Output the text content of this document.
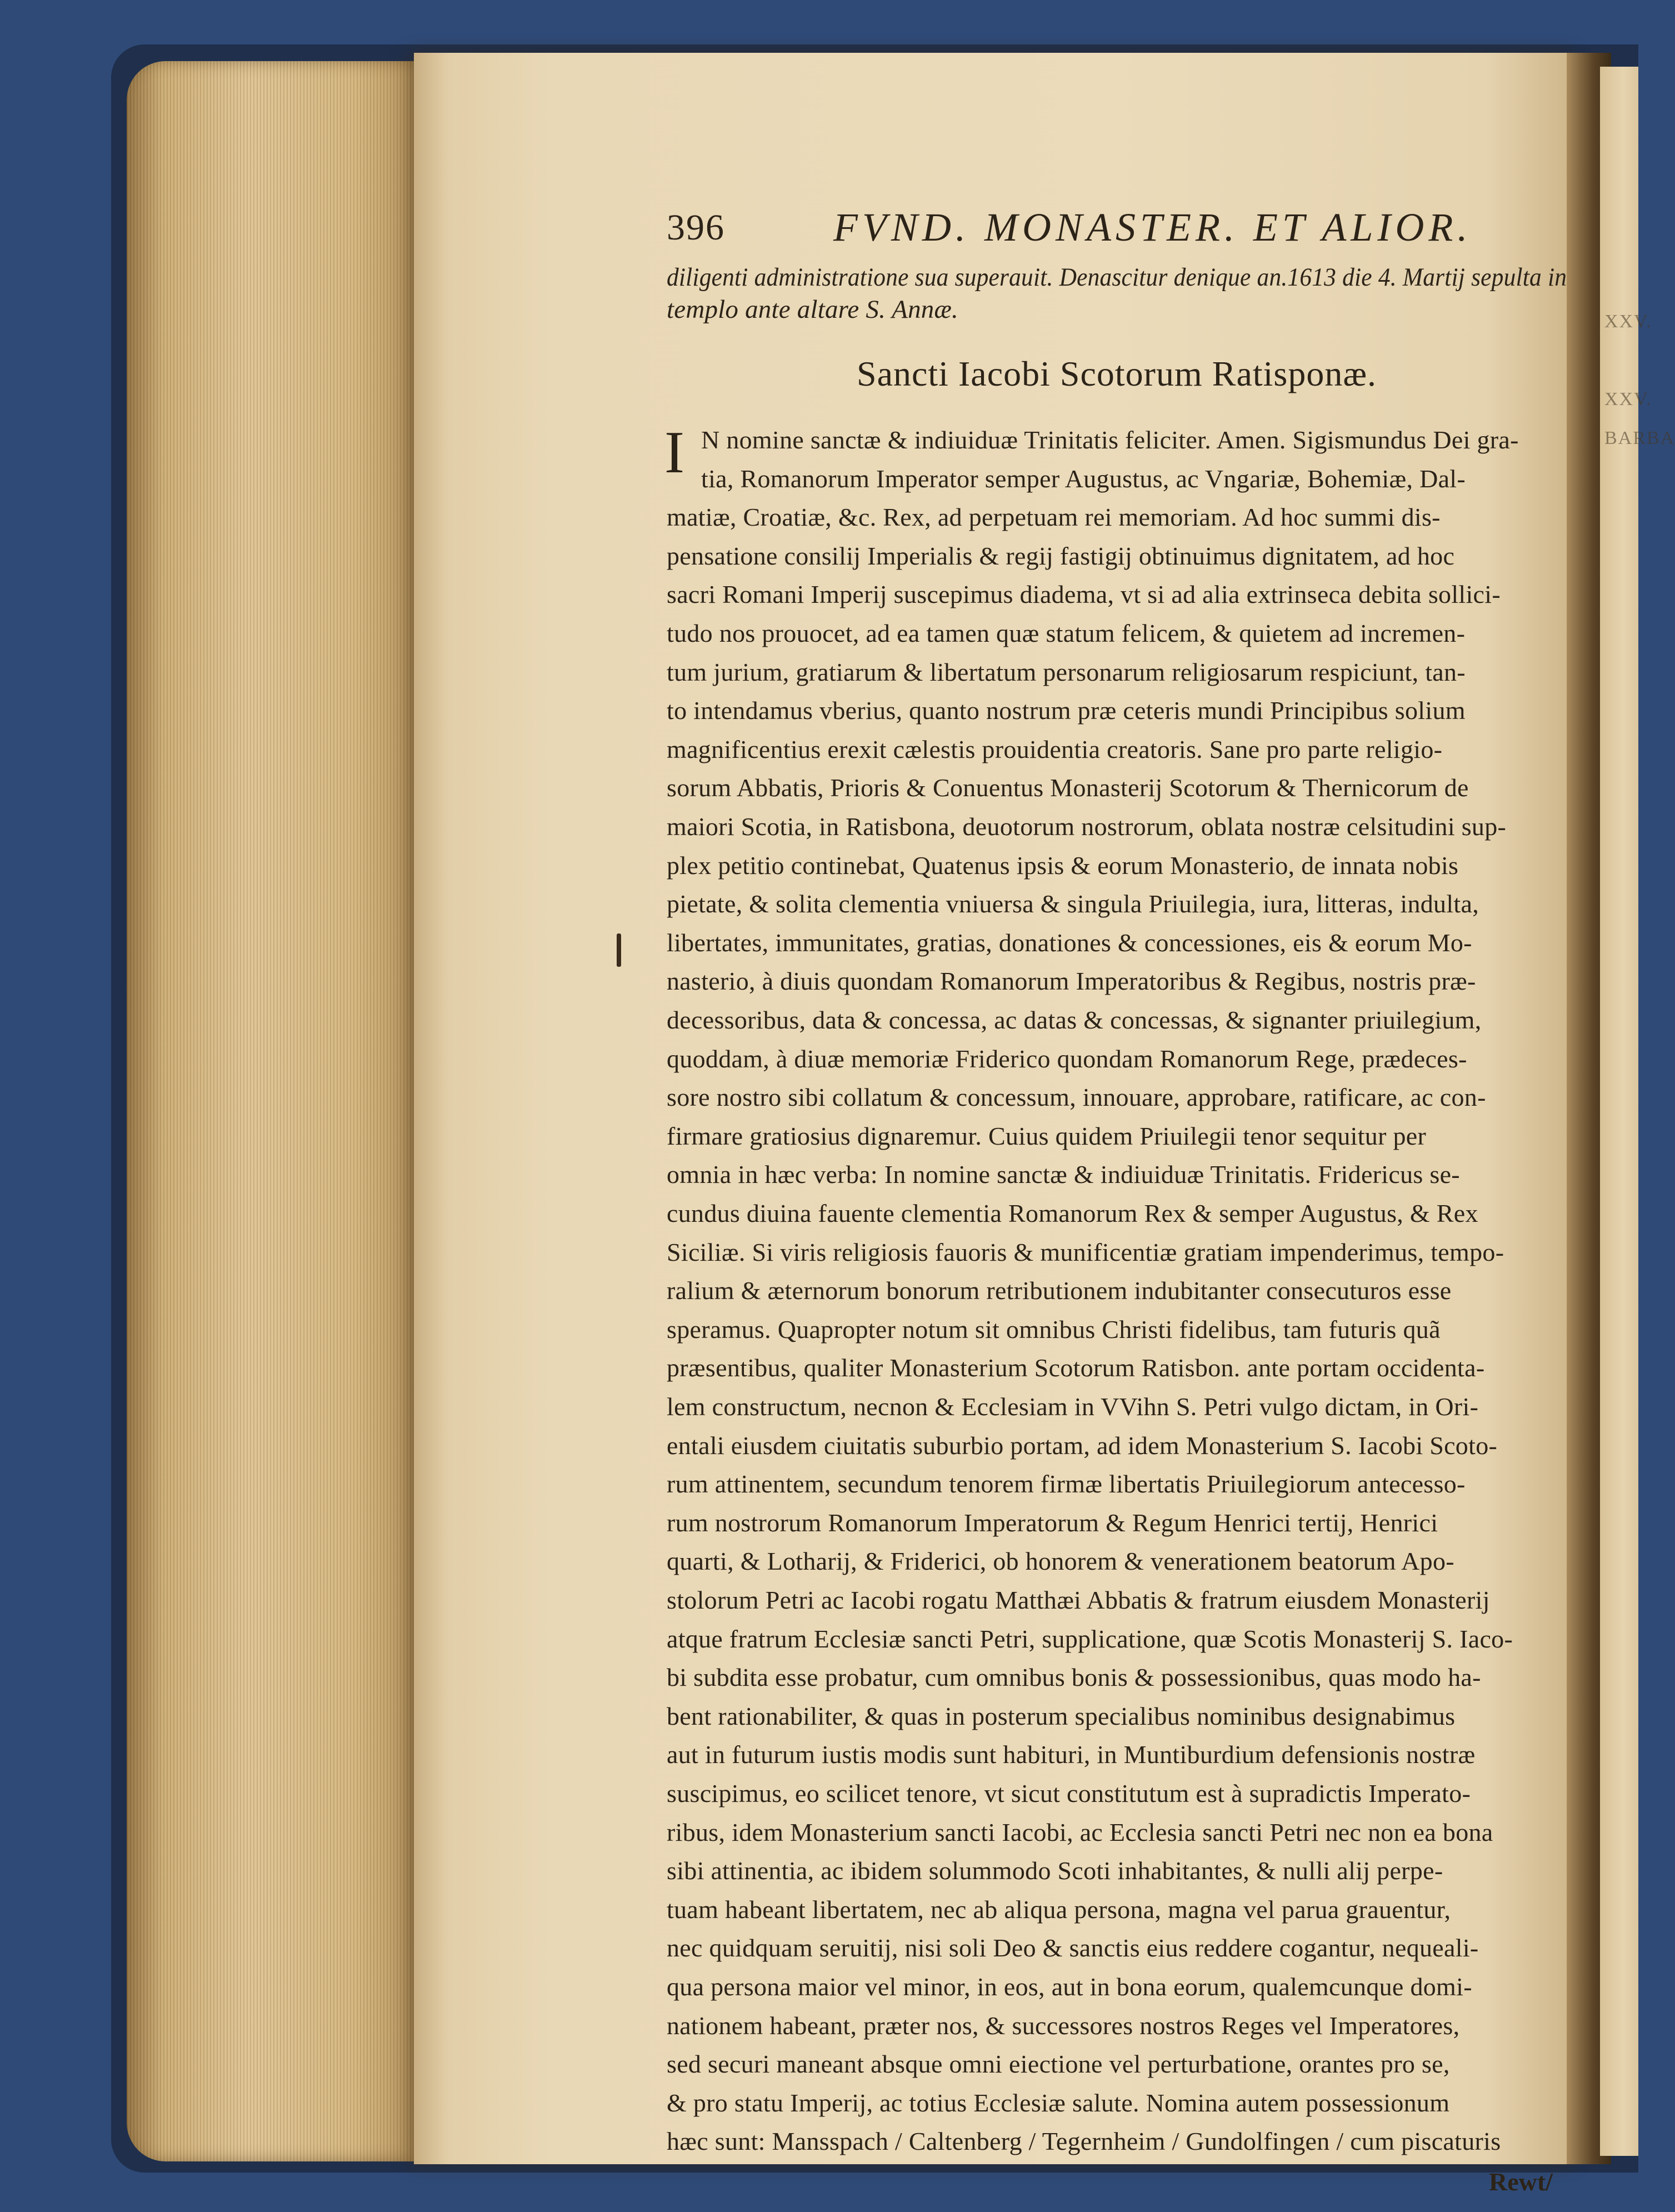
XXV.
XXV.
BARBA
396	FVND. MONASTER. ET ALIOR.
diligenti administratione sua superauit. Denascitur denique an.1613 die 4. Martij sepulta in
templo ante altare S. Annæ.
Sancti Iacobi Scotorum Ratisponæ.
I N nomine sanctæ & indiuiduæ Trinitatis feliciter. Amen. Sigismundus Dei gra-
tia, Romanorum Imperator semper Augustus, ac Vngariæ, Bohemiæ, Dal-
matiæ, Croatiæ, &c. Rex, ad perpetuam rei memoriam. Ad hoc summi dis-
pensatione consilij Imperialis & regij fastigij obtinuimus dignitatem, ad hoc
sacri Romani Imperij suscepimus diadema, vt si ad alia extrinseca debita sollici-
tudo nos prouocet, ad ea tamen quæ statum felicem, & quietem ad incremen-
tum jurium, gratiarum & libertatum personarum religiosarum respiciunt, tan-
to intendamus vberius, quanto nostrum præ ceteris mundi Principibus solium
magnificentius erexit cælestis prouidentia creatoris. Sane pro parte religio-
sorum Abbatis, Prioris & Conuentus Monasterij Scotorum & Thernicorum de
maiori Scotia, in Ratisbona, deuotorum nostrorum, oblata nostræ celsitudini sup-
plex petitio continebat, Quatenus ipsis & eorum Monasterio, de innata nobis
pietate, & solita clementia vniuersa & singula Priuilegia, iura, litteras, indulta,
libertates, immunitates, gratias, donationes & concessiones, eis & eorum Mo-
nasterio, à diuis quondam Romanorum Imperatoribus & Regibus, nostris præ-
decessoribus, data & concessa, ac datas & concessas, & signanter priuilegium,
quoddam, à diuæ memoriæ Friderico quondam Romanorum Rege, prædeces-
sore nostro sibi collatum & concessum, innouare, approbare, ratificare, ac con-
firmare gratiosius dignaremur. Cuius quidem Priuilegii tenor sequitur per
omnia in hæc verba: In nomine sanctæ & indiuiduæ Trinitatis. Fridericus se-
cundus diuina fauente clementia Romanorum Rex & semper Augustus, & Rex
Siciliæ. Si viris religiosis fauoris & munificentiæ gratiam impenderimus, tempo-
ralium & æternorum bonorum retributionem indubitanter consecuturos esse
speramus. Quapropter notum sit omnibus Christi fidelibus, tam futuris quã
præsentibus, qualiter Monasterium Scotorum Ratisbon. ante portam occidenta-
lem constructum, necnon & Ecclesiam in VVihn S. Petri vulgo dictam, in Ori-
entali eiusdem ciuitatis suburbio portam, ad idem Monasterium S. Iacobi Scoto-
rum attinentem, secundum tenorem firmæ libertatis Priuilegiorum antecesso-
rum nostrorum Romanorum Imperatorum & Regum Henrici tertij, Henrici
quarti, & Lotharij, & Friderici, ob honorem & venerationem beatorum Apo-
stolorum Petri ac Iacobi rogatu Matthæi Abbatis & fratrum eiusdem Monasterij
atque fratrum Ecclesiæ sancti Petri, supplicatione, quæ Scotis Monasterij S. Iaco-
bi subdita esse probatur, cum omnibus bonis & possessionibus, quas modo ha-
bent rationabiliter, & quas in posterum specialibus nominibus designabimus
aut in futurum iustis modis sunt habituri, in Muntiburdium defensionis nostræ
suscipimus, eo scilicet tenore, vt sicut constitutum est à supradictis Imperato-
ribus, idem Monasterium sancti Iacobi, ac Ecclesia sancti Petri nec non ea bona
sibi attinentia, ac ibidem solummodo Scoti inhabitantes, & nulli alij perpe-
tuam habeant libertatem, nec ab aliqua persona, magna vel parua grauentur,
nec quidquam seruitij, nisi soli Deo & sanctis eius reddere cogantur, nequeali-
qua persona maior vel minor, in eos, aut in bona eorum, qualemcunque domi-
nationem habeant, præter nos, & successores nostros Reges vel Imperatores,
sed securi maneant absque omni eiectione vel perturbatione, orantes pro se,
& pro statu Imperij, ac totius Ecclesiæ salute. Nomina autem possessionum
hæc sunt: Mansspach / Caltenberg / Tegernheim / Gundolfingen / cum piscaturis
Rewt/
